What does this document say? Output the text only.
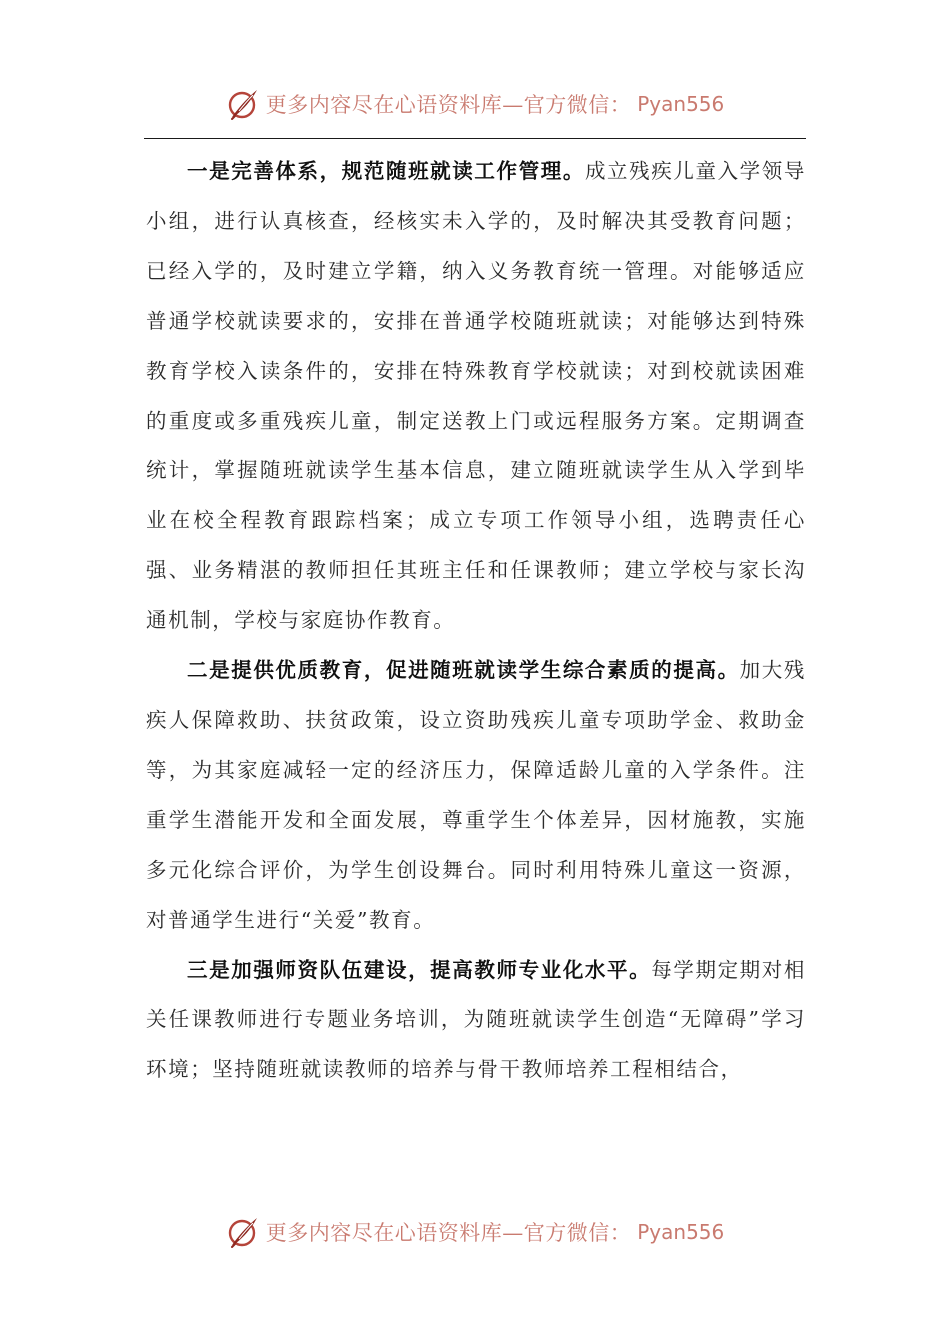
更多内容尽在心语资料库—官方微信： Pyan556

一是完善体系，规范随班就读工作管理。成立残疾儿童入学领导小组，进行认真核查，经核实未入学的，及时解决其受教育问题；已经入学的，及时建立学籍，纳入义务教育统一管理。对能够适应普通学校就读要求的，安排在普通学校随班就读；对能够达到特殊教育学校入读条件的，安排在特殊教育学校就读；对到校就读困难的重度或多重残疾儿童，制定送教上门或远程服务方案。定期调查统计，掌握随班就读学生基本信息，建立随班就读学生从入学到毕业在校全程教育跟踪档案；成立专项工作领导小组，选聘责任心强、业务精湛的教师担任其班主任和任课教师；建立学校与家长沟通机制，学校与家庭协作教育。

二是提供优质教育，促进随班就读学生综合素质的提高。加大残疾人保障救助、扶贫政策，设立资助残疾儿童专项助学金、救助金等，为其家庭减轻一定的经济压力，保障适龄儿童的入学条件。注重学生潜能开发和全面发展，尊重学生个体差异，因材施教，实施多元化综合评价，为学生创设舞台。同时利用特殊儿童这一资源，对普通学生进行“关爱”教育。

三是加强师资队伍建设，提高教师专业化水平。每学期定期对相关任课教师进行专题业务培训，为随班就读学生创造“无障碍”学习环境；坚持随班就读教师的培养与骨干教师培养工程相结合，

更多内容尽在心语资料库—官方微信： Pyan556
